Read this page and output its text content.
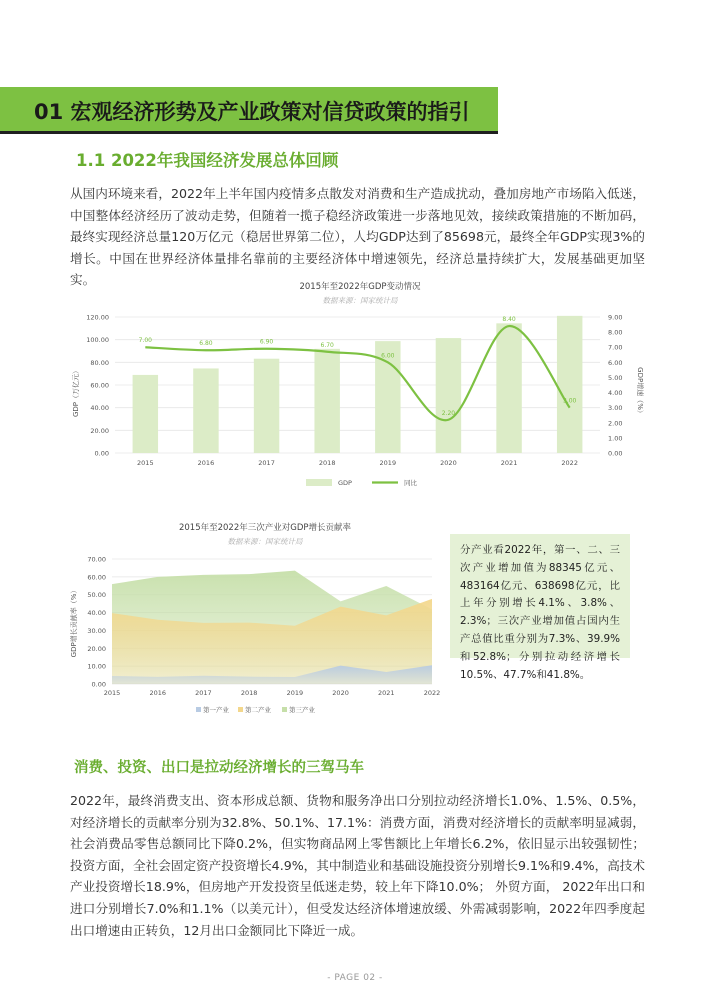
01 宏观经济形势及产业政策对信贷政策的指引
1.1 2022年我国经济发展总体回顾
从国内环境来看，2022年上半年国内疫情多点散发对消费和生产造成扰动，叠加房地产市场陷入低迷，中国整体经济经历了波动走势，但随着一揽子稳经济政策进一步落地见效，接续政策措施的不断加码，最终实现经济总量120万亿元（稳居世界第二位），人均GDP达到了85698元，最终全年GDP实现3%的增长。中国在世界经济体量排名靠前的主要经济体中增速领先，经济总量持续扩大，发展基础更加坚实。	2015年至2022年GDP变动情况
数据来源：国家统计局
GDP（万亿元）	GDP增速（%）
7.00	6.80	6.90	6.70
6.00
2.20
8.40
3.00
0.00
20.00
40.00
60.00
80.00
100.00
120.00
0.00
1.00
2.00
3.00
4.00
5.00
6.00
7.00
8.00
9.00
2015	2016	2017	2018	2019	2020	2021	2022
GDP	同比
2015年至2022年三次产业对GDP增长贡献率
数据来源：国家统计局
GDP增长贡献率（%）
0.00
10.00
20.00
30.00
40.00
50.00
60.00
70.00
2015	2016	2017	2018	2019	2020	2021	2022
第一产业 第二产业	第三产业
分产业看2022年，第一、二、三次产业增加值为88345亿元、483164亿元、638698亿元，比上年分别增长4.1%、3.8%、2.3%；三次产业增加值占国内生产总值比重分别为7.3%、39.9%和52.8%；分别拉动经济增长10.5%、47.7%和41.8%。
消费、投资、出口是拉动经济增长的三驾马车
2022年，最终消费支出、资本形成总额、货物和服务净出口分别拉动经济增长1.0%、1.5%、0.5%，对经济增长的贡献率分别为32.8%、50.1%、17.1%：消费方面，消费对经济增长的贡献率明显减弱，社会消费品零售总额同比下降0.2%，但实物商品网上零售额比上年增长6.2%，依旧显示出较强韧性；投资方面，全社会固定资产投资增长4.9%，其中制造业和基础设施投资分别增长9.1%和9.4%，高技术产业投资增长18.9%，但房地产开发投资呈低迷走势，较上年下降10.0%； 外贸方面， 2022年出口和进口分别增长7.0%和1.1%（以美元计），但受发达经济体增速放缓、外需减弱影响，2022年四季度起出口增速由正转负，12月出口金额同比下降近一成。
- PAGE 02 -
